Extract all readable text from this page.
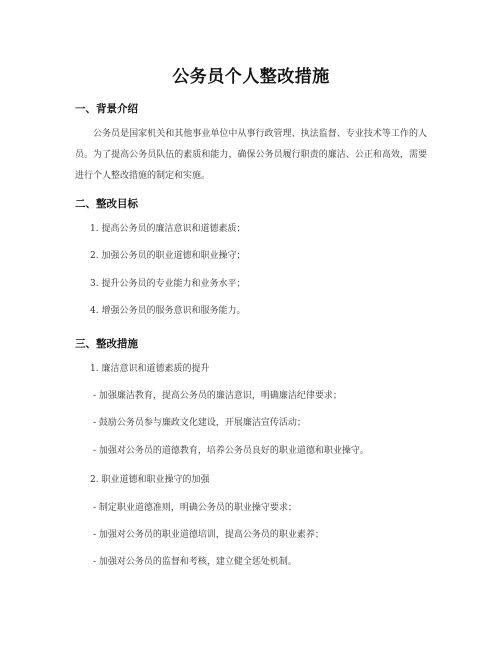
公务员个人整改措施
一、背景介绍

公务员是国家机关和其他事业单位中从事行政管理、执法监督、专业技术等工作的人员。为了提高公务员队伍的素质和能力，确保公务员履行职责的廉洁、公正和高效，需要进行个人整改措施的制定和实施。

二、整改目标
1. 提高公务员的廉洁意识和道德素质；
2. 加强公务员的职业道德和职业操守；
3. 提升公务员的专业能力和业务水平；
4. 增强公务员的服务意识和服务能力。
三、整改措施
1. 廉洁意识和道德素质的提升
- 加强廉洁教育，提高公务员的廉洁意识，明确廉洁纪律要求；
- 鼓励公务员参与廉政文化建设，开展廉洁宣传活动；
- 加强对公务员的道德教育，培养公务员良好的职业道德和职业操守。
2. 职业道德和职业操守的加强
- 制定职业道德准则，明确公务员的职业操守要求；
- 加强对公务员的职业道德培训，提高公务员的职业素养；
- 加强对公务员的监督和考核，建立健全惩处机制。
